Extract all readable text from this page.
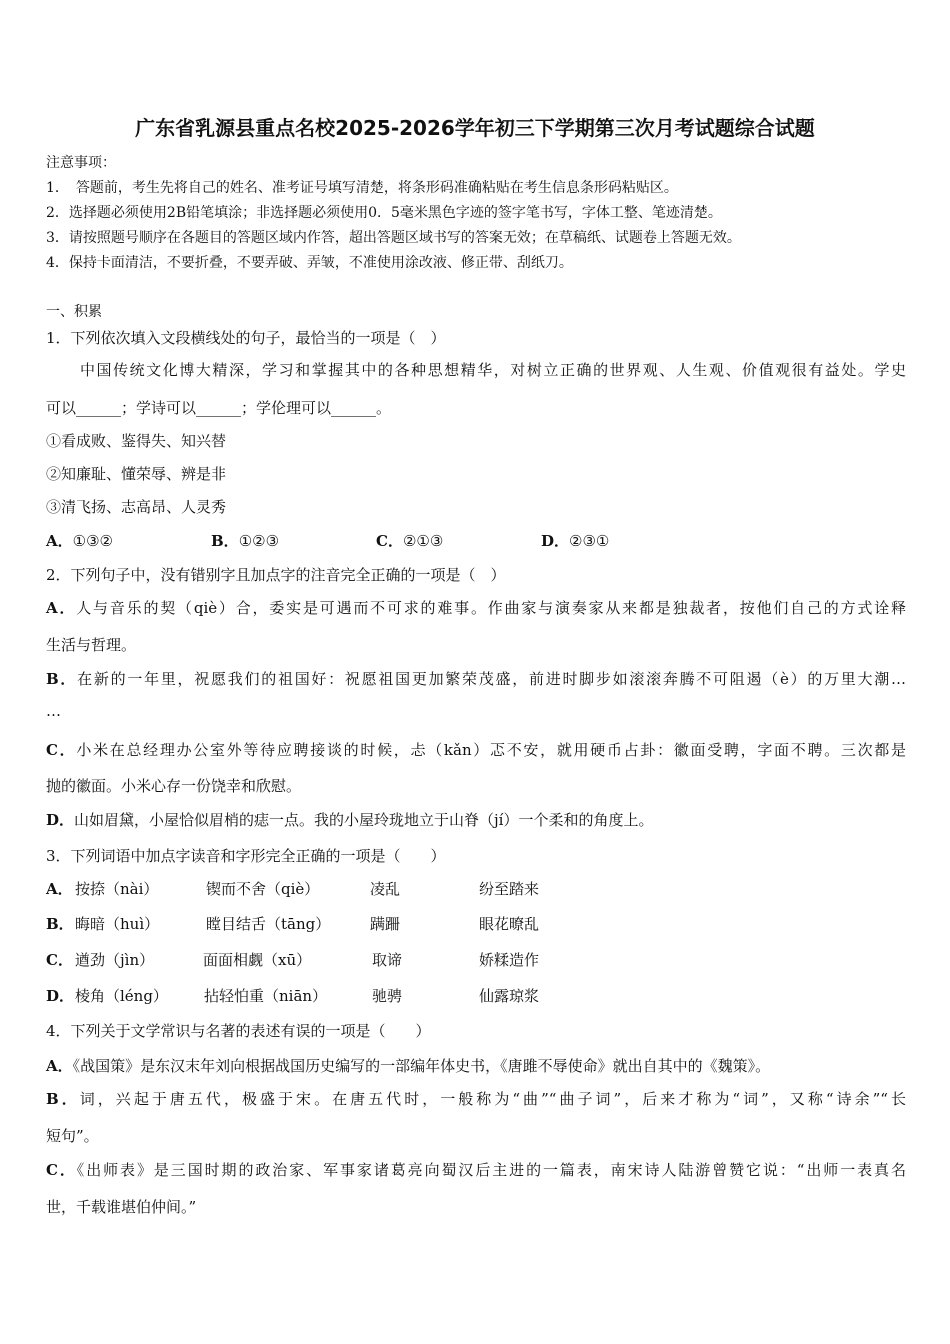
广东省乳源县重点名校2025-2026学年初三下学期第三次月考试题综合试题
注意事项：
1．　答题前，考生先将自己的姓名、准考证号填写清楚，将条形码准确粘贴在考生信息条形码粘贴区。
2．选择题必须使用2B铅笔填涂；非选择题必须使用0．5毫米黑色字迹的签字笔书写，字体工整、笔迹清楚。
3．请按照题号顺序在各题目的答题区域内作答，超出答题区域书写的答案无效；在草稿纸、试题卷上答题无效。
4．保持卡面清洁，不要折叠，不要弄破、弄皱，不准使用涂改液、修正带、刮纸刀。
一、积累
1．下列依次填入文段横线处的句子，最恰当的一项是（　）
中国传统文化博大精深，学习和掌握其中的各种思想精华，对树立正确的世界观、人生观、价值观很有益处。学史
可以______；学诗可以______；学伦理可以______。
①看成败、鉴得失、知兴替
②知廉耻、懂荣辱、辨是非
③清飞扬、志高昂、人灵秀
A．①③②	B．①②③	C．②①③	D．②③①
2．下列句子中，没有错别字且加点字的注音完全正确的一项是（　）
A．人与音乐的契（qiè）合，委实是可遇而不可求的难事。作曲家与演奏家从来都是独裁者，按他们自己的方式诠释
生活与哲理。
B．在新的一年里，祝愿我们的祖国好：祝愿祖国更加繁荣茂盛，前进时脚步如滚滚奔腾不可阻遏（è）的万里大潮…
…
C．小米在总经理办公室外等待应聘接谈的时候，忐（kǎn）忑不安，就用硬币占卦：徽面受聘，字面不聘。三次都是
抛的徽面。小米心存一份饶幸和欣慰。
D．山如眉黛，小屋恰似眉梢的痣一点。我的小屋玲珑地立于山脊（jí）一个柔和的角度上。
3．下列词语中加点字读音和字形完全正确的一项是（　　）
A． 按捺（nài）	锲而不舍（qiè）	凌乱	纷至踏来
B． 晦暗（huì）	瞠目结舌（tāng）	蹒跚	眼花暸乱
C． 遒劲（jìn）	面面相觑（xū）	取谛	娇糅造作
D． 棱角（léng） 拈轻怕重（niān）	驰骋	仙露琼浆
4．下列关于文学常识与名著的表述有误的一项是（　　）
A．《战国策》是东汉末年刘向根据战国历史编写的一部编年体史书，《唐雎不辱使命》就出自其中的《魏策》。
B．词，兴起于唐五代，极盛于宋。在唐五代时，一般称为“曲”“曲子词”，后来才称为“词”，又称“诗余”“长
短句”。
C．《出师表》是三国时期的政治家、军事家诸葛亮向蜀汉后主进的一篇表，南宋诗人陆游曾赞它说：“出师一表真名
世，千载谁堪伯仲间。”
